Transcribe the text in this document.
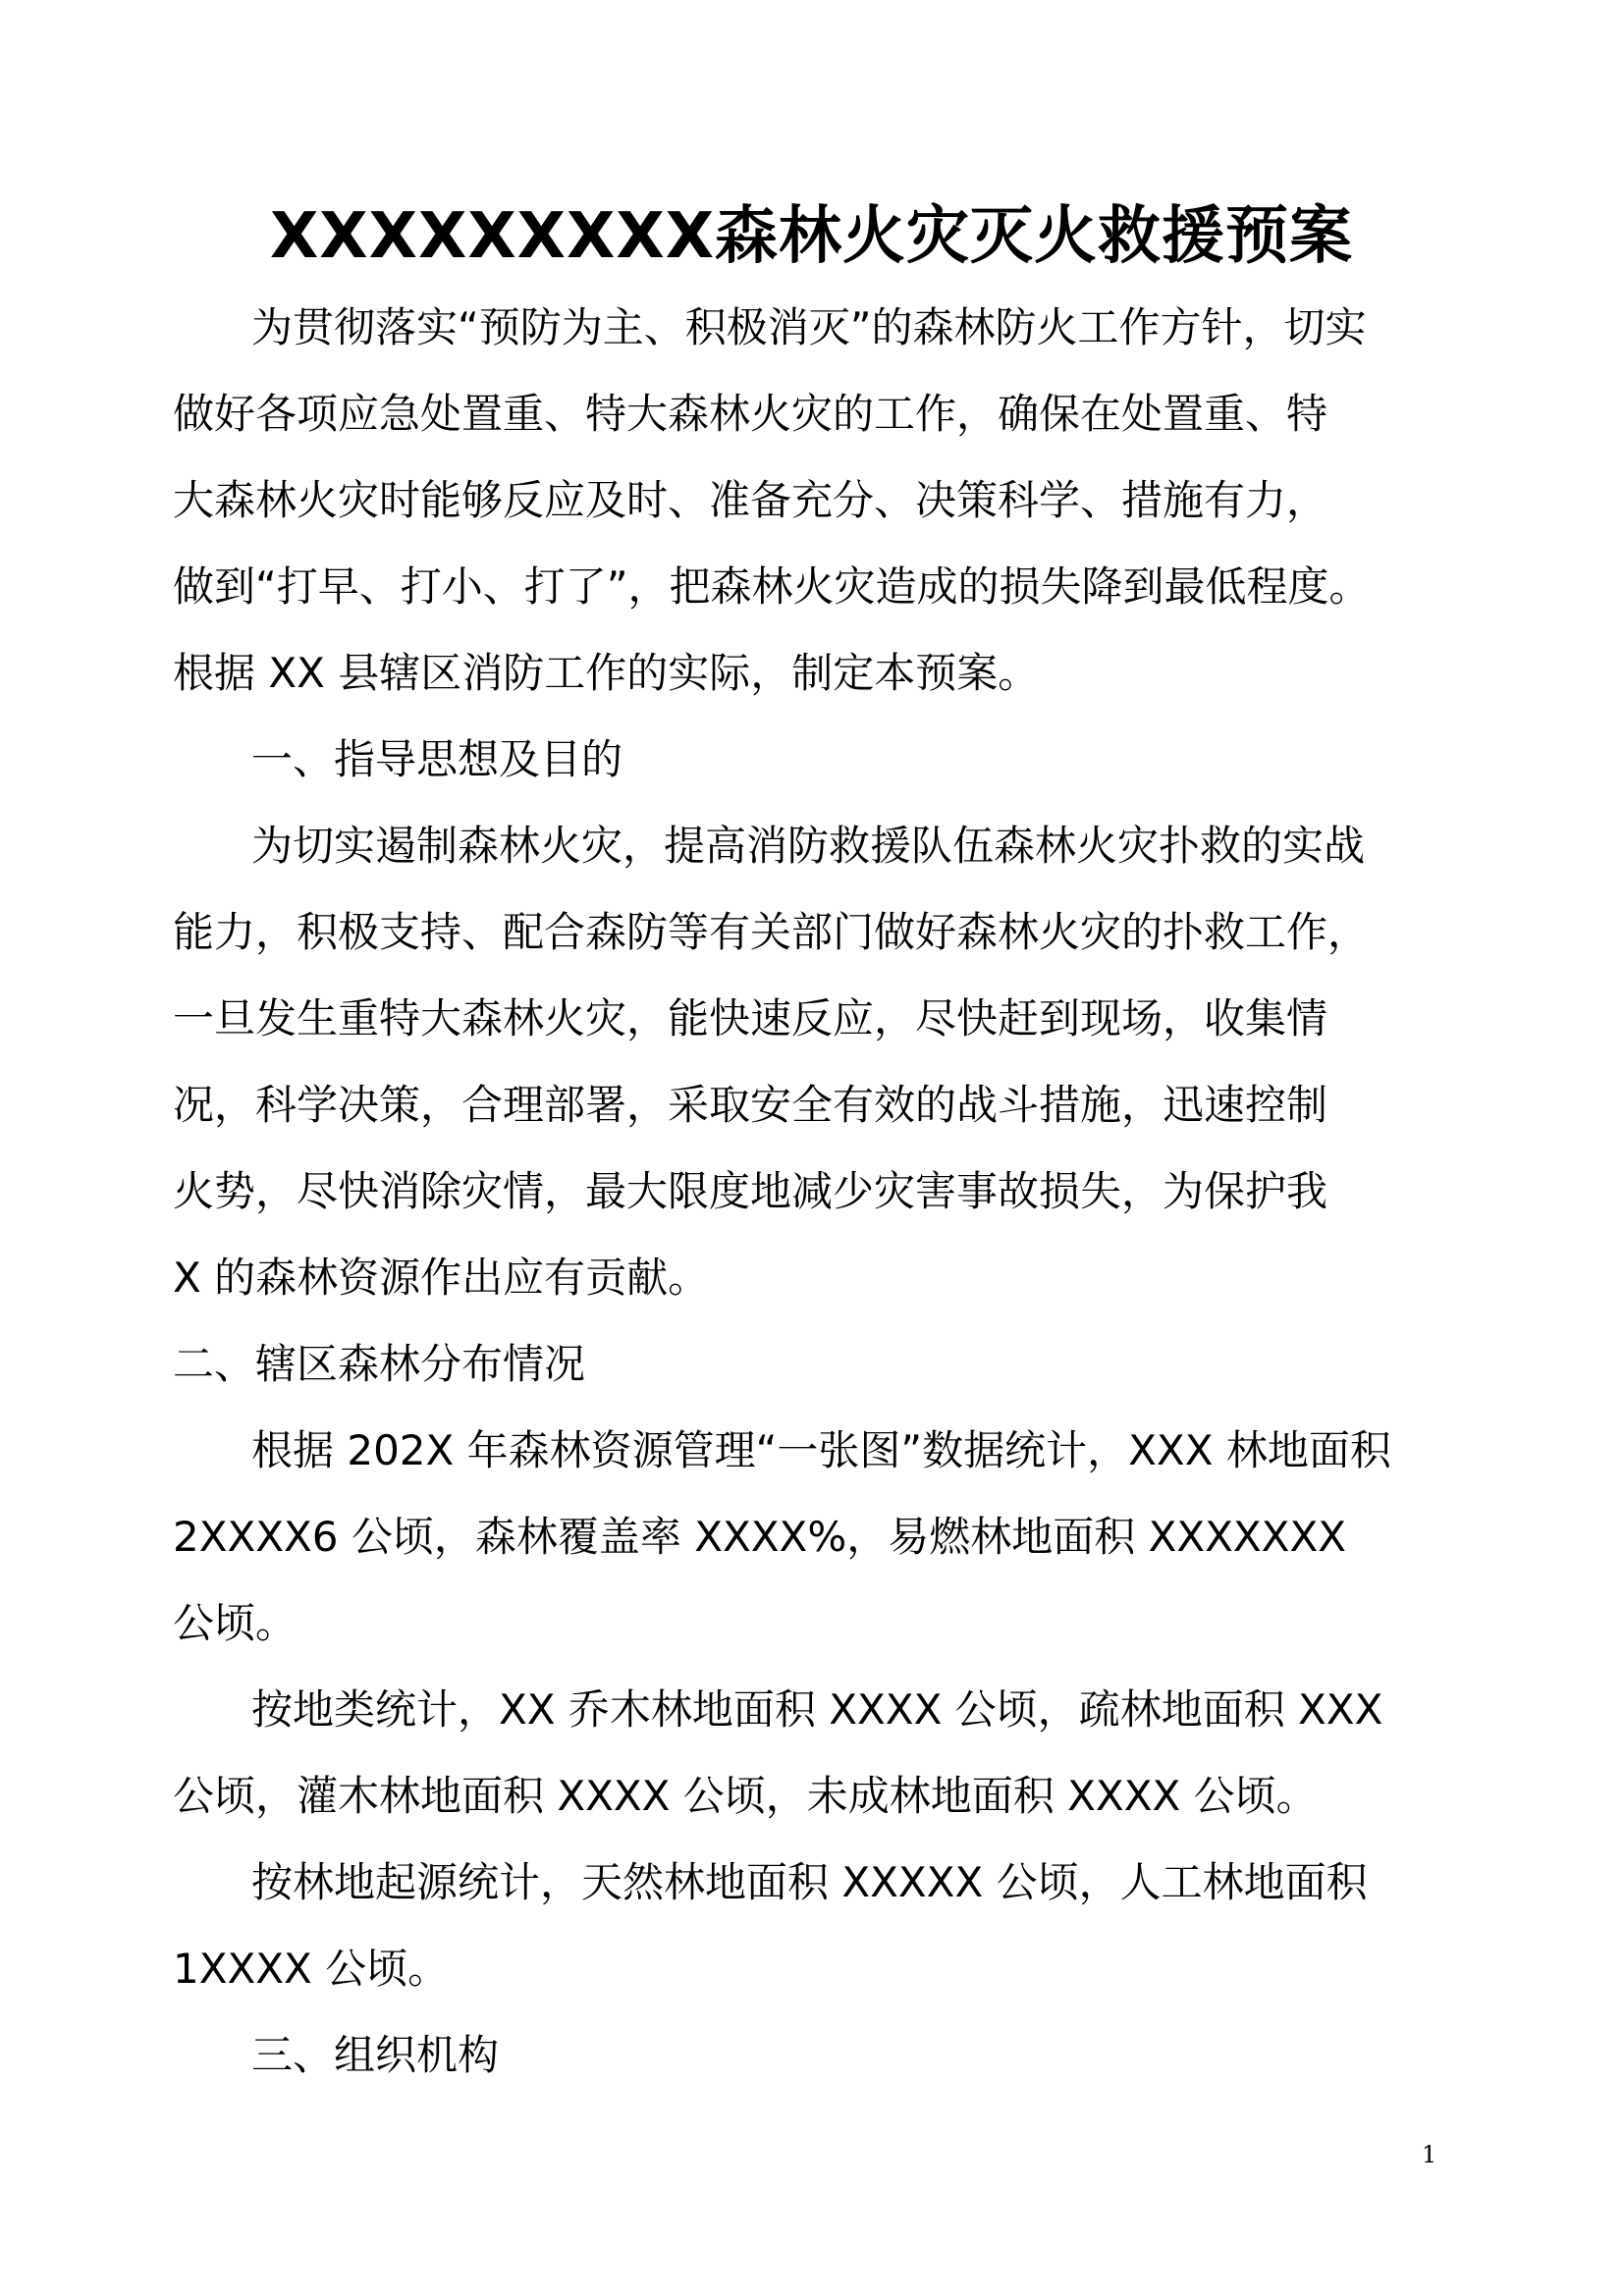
XXXXXXXXX森林火灾灭火救援预案
为贯彻落实“预防为主、积极消灭”的森林防火工作方针，切实
做好各项应急处置重、特大森林火灾的工作，确保在处置重、特
大森林火灾时能够反应及时、准备充分、决策科学、措施有力，
做到“打早、打小、打了”，把森林火灾造成的损失降到最低程度。
根据 XX 县辖区消防工作的实际，制定本预案。
一、指导思想及目的
为切实遏制森林火灾，提高消防救援队伍森林火灾扑救的实战
能力，积极支持、配合森防等有关部门做好森林火灾的扑救工作，
一旦发生重特大森林火灾，能快速反应，尽快赶到现场，收集情
况，科学决策，合理部署，采取安全有效的战斗措施，迅速控制
火势，尽快消除灾情，最大限度地减少灾害事故损失，为保护我
X 的森林资源作出应有贡献。
二、辖区森林分布情况
根据 202X 年森林资源管理“一张图”数据统计，XXX 林地面积
2XXXX6 公顷，森林覆盖率 XXXX%，易燃林地面积 XXXXXXX
公顷。
按地类统计，XX 乔木林地面积 XXXX 公顷，疏林地面积 XXX
公顷，灌木林地面积 XXXX 公顷，未成林地面积 XXXX 公顷。
按林地起源统计，天然林地面积 XXXXX 公顷，人工林地面积
1XXXX 公顷。
三、组织机构
1
